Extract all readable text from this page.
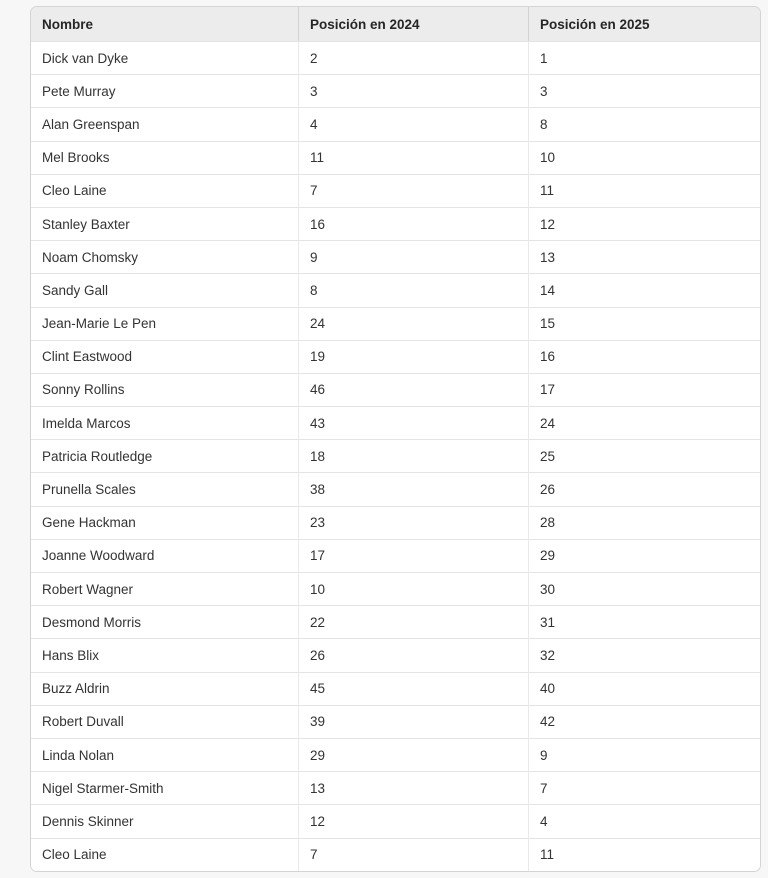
Nombre	Posición en 2024	Posición en 2025
Dick van Dyke	2	1
Pete Murray	3	3
Alan Greenspan	4	8
Mel Brooks	11	10
Cleo Laine	7	11
Stanley Baxter	16	12
Noam Chomsky	9	13
Sandy Gall	8	14
Jean-Marie Le Pen	24	15
Clint Eastwood	19	16
Sonny Rollins	46	17
Imelda Marcos	43	24
Patricia Routledge	18	25
Prunella Scales	38	26
Gene Hackman	23	28
Joanne Woodward	17	29
Robert Wagner	10	30
Desmond Morris	22	31
Hans Blix	26	32
Buzz Aldrin	45	40
Robert Duvall	39	42
Linda Nolan	29	9
Nigel Starmer-Smith	13	7
Dennis Skinner	12	4
Cleo Laine	7	11
